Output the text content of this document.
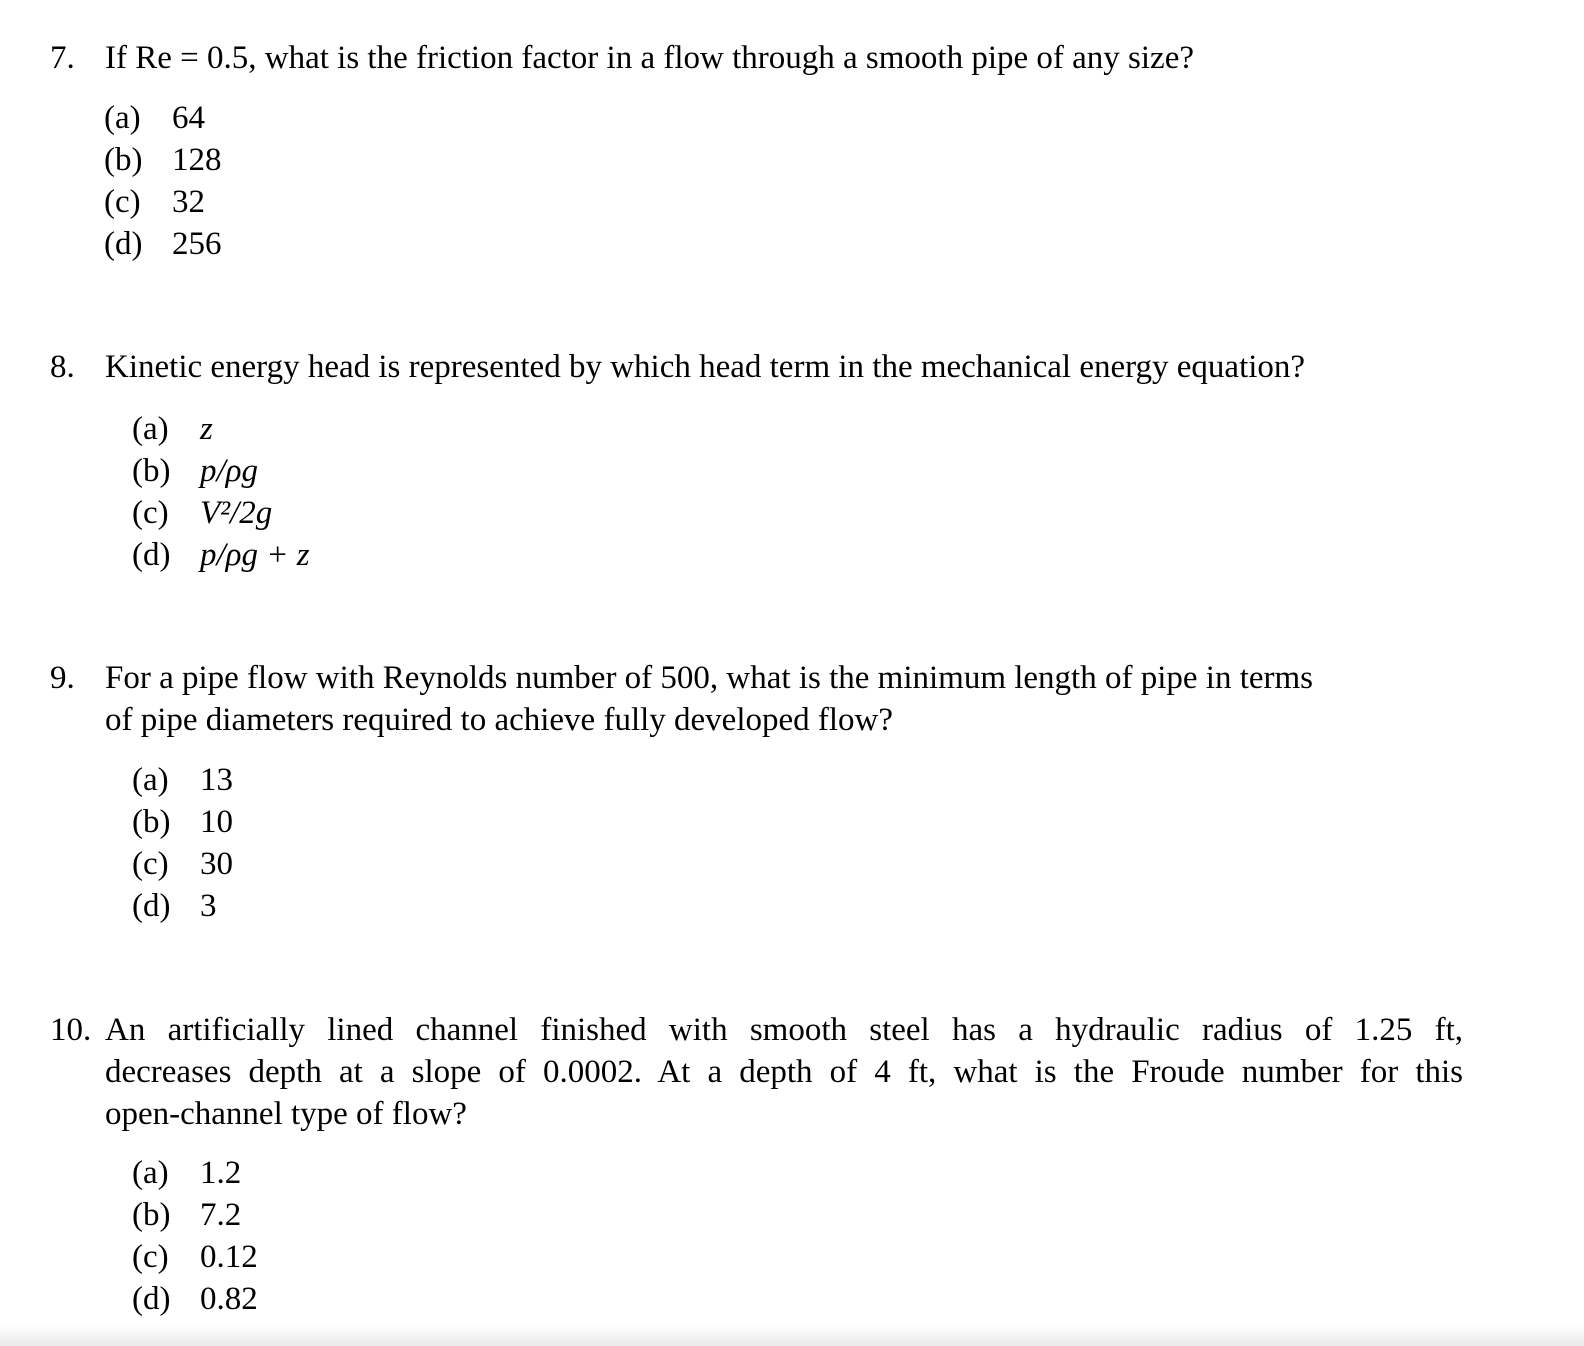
7. If Re = 0.5, what is the friction factor in a flow through a smooth pipe of any size?
(a) 64
(b) 128
(c) 32
(d) 256
8. Kinetic energy head is represented by which head term in the mechanical energy equation?
(a) z
(b) p/ρg
(c) V²/2g
(d) p/ρg + z
9. For a pipe flow with Reynolds number of 500, what is the minimum length of pipe in terms
of pipe diameters required to achieve fully developed flow?
(a) 13
(b) 10
(c) 30
(d) 3
10. An artificially lined channel finished with smooth steel has a hydraulic radius of 1.25 ft,
decreases depth at a slope of 0.0002. At a depth of 4 ft, what is the Froude number for this
open-channel type of flow?
(a) 1.2
(b) 7.2
(c) 0.12
(d) 0.82
